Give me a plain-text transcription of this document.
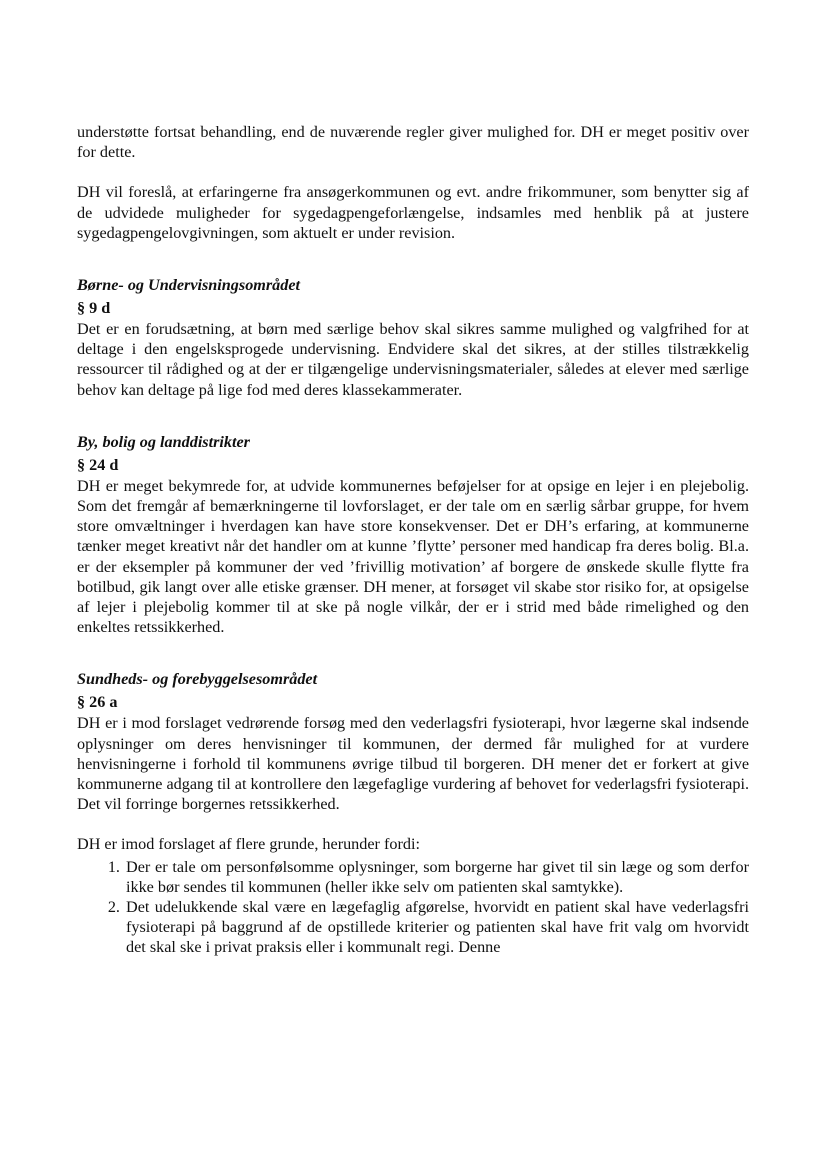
understøtte fortsat behandling, end de nuværende regler giver mulighed for. DH er meget positiv over for dette.

DH vil foreslå, at erfaringerne fra ansøgerkommunen og evt. andre frikommuner, som benytter sig af de udvidede muligheder for sygedagpengeforlængelse, indsamles med henblik på at justere sygedagpengelovgivningen, som aktuelt er under revision.

Børne- og Undervisningsområdet

§ 9 d

Det er en forudsætning, at børn med særlige behov skal sikres samme mulighed og valgfrihed for at deltage i den engelsksprogede undervisning. Endvidere skal det sikres, at der stilles tilstrækkelig ressourcer til rådighed og at der er tilgængelige undervisningsmaterialer, således at elever med særlige behov kan deltage på lige fod med deres klassekammerater.

By, bolig og landdistrikter

§ 24 d

DH er meget bekymrede for, at udvide kommunernes beføjelser for at opsige en lejer i en plejebolig. Som det fremgår af bemærkningerne til lovforslaget, er der tale om en særlig sårbar gruppe, for hvem store omvæltninger i hverdagen kan have store konsekvenser. Det er DH’s erfaring, at kommunerne tænker meget kreativt når det handler om at kunne ’flytte’ personer med handicap fra deres bolig. Bl.a. er der eksempler på kommuner der ved ’frivillig motivation’ af borgere de ønskede skulle flytte fra botilbud, gik langt over alle etiske grænser. DH mener, at forsøget vil skabe stor risiko for, at opsigelse af lejer i plejebolig kommer til at ske på nogle vilkår, der er i strid med både rimelighed og den enkeltes retssikkerhed.

Sundheds- og forebyggelsesområdet

§ 26 a

DH er i mod forslaget vedrørende forsøg med den vederlagsfri fysioterapi, hvor lægerne skal indsende oplysninger om deres henvisninger til kommunen, der dermed får mulighed for at vurdere henvisningerne i forhold til kommunens øvrige tilbud til borgeren. DH mener det er forkert at give kommunerne adgang til at kontrollere den lægefaglige vurdering af behovet for vederlagsfri fysioterapi. Det vil forringe borgernes retssikkerhed.

DH er imod forslaget af flere grunde, herunder fordi:

1. Der er tale om personfølsomme oplysninger, som borgerne har givet til sin læge og som derfor ikke bør sendes til kommunen (heller ikke selv om patienten skal samtykke).
2. Det udelukkende skal være en lægefaglig afgørelse, hvorvidt en patient skal have vederlagsfri fysioterapi på baggrund af de opstillede kriterier og patienten skal have frit valg om hvorvidt det skal ske i privat praksis eller i kommunalt regi. Denne
